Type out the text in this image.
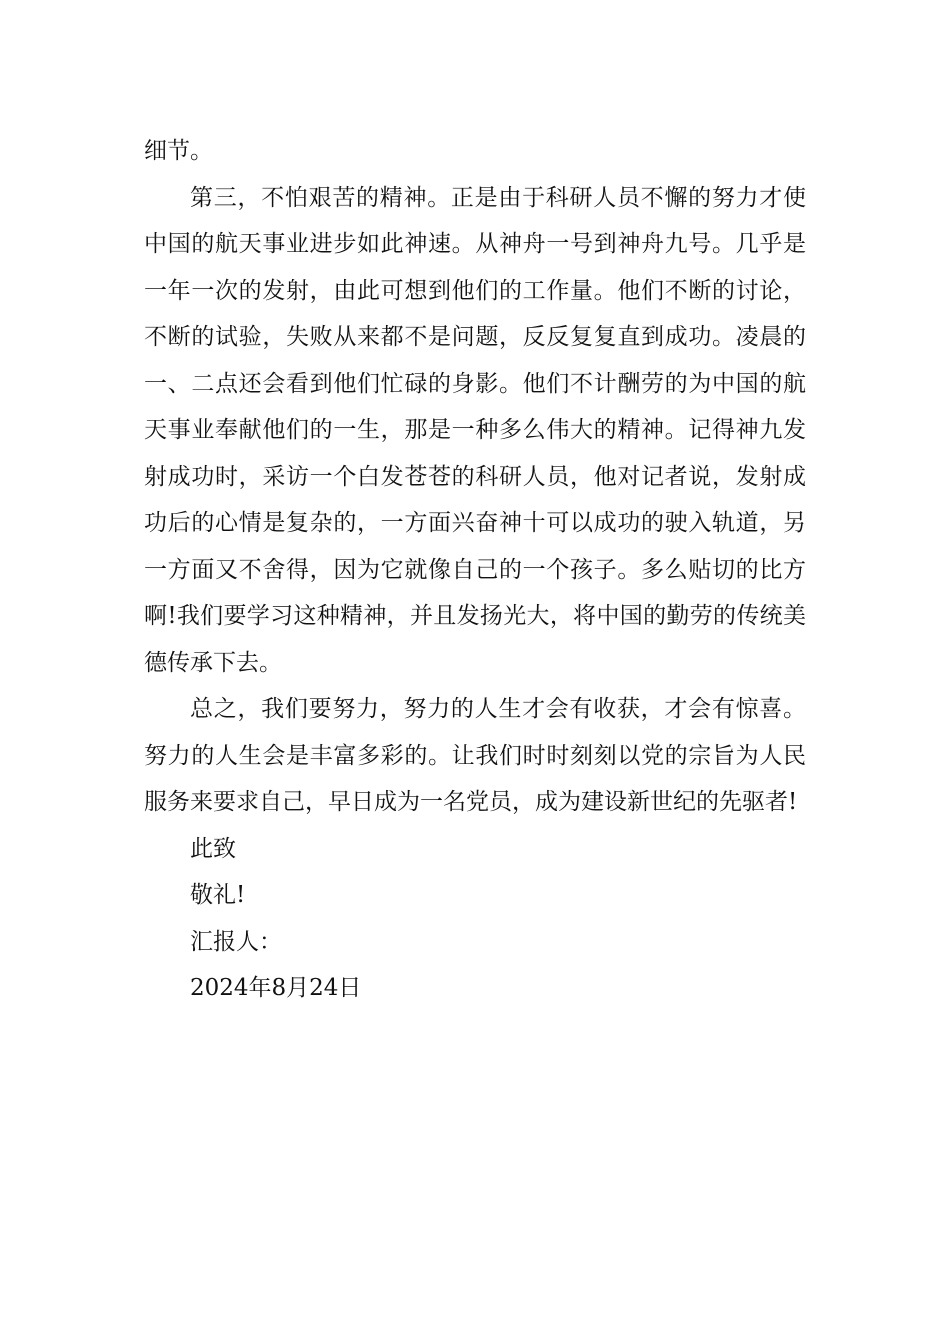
细节。

第三，不怕艰苦的精神。正是由于科研人员不懈的努力才使中国的航天事业进步如此神速。从神舟一号到神舟九号。几乎是一年一次的发射，由此可想到他们的工作量。他们不断的讨论，不断的试验，失败从来都不是问题，反反复复直到成功。凌晨的一、二点还会看到他们忙碌的身影。他们不计酬劳的为中国的航天事业奉献他们的一生，那是一种多么伟大的精神。记得神九发射成功时，采访一个白发苍苍的科研人员，他对记者说，发射成功后的心情是复杂的，一方面兴奋神十可以成功的驶入轨道，另一方面又不舍得，因为它就像自己的一个孩子。多么贴切的比方啊!我们要学习这种精神，并且发扬光大，将中国的勤劳的传统美德传承下去。

总之，我们要努力，努力的人生才会有收获，才会有惊喜。努力的人生会是丰富多彩的。让我们时时刻刻以党的宗旨为人民服务来要求自己，早日成为一名党员，成为建设新世纪的先驱者!

此致

敬礼!

汇报人：

2024年8月24日
